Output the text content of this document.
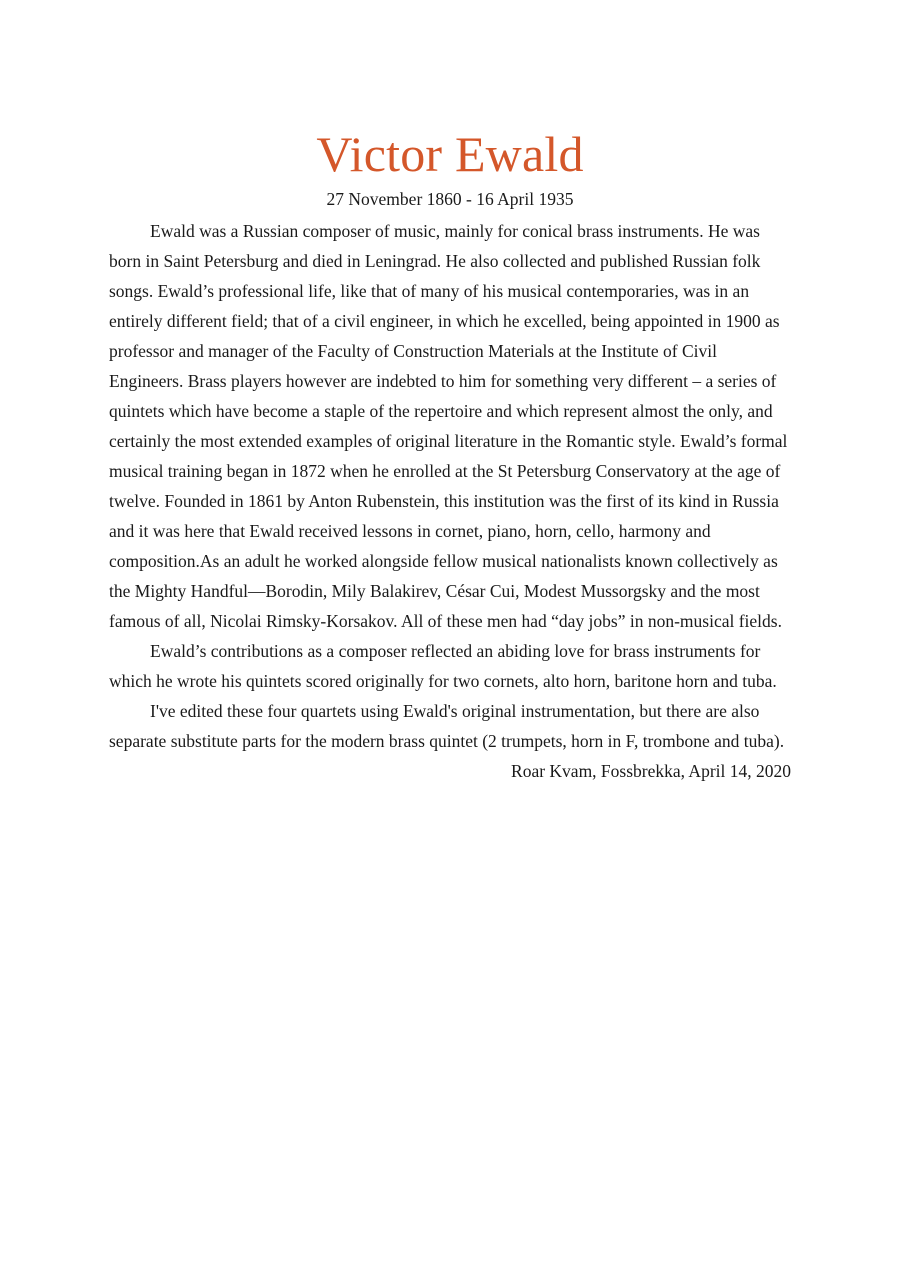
Victor Ewald
27 November 1860 - 16 April 1935

Ewald was a Russian composer of music, mainly for conical brass instruments. He was born in Saint Petersburg and died in Leningrad. He also collected and published Russian folk songs. Ewald’s professional life, like that of many of his musical contemporaries, was in an entirely different field; that of a civil engineer, in which he excelled, being appointed in 1900 as professor and manager of the Faculty of Construction Materials at the Institute of Civil Engineers. Brass players however are indebted to him for something very different – a series of quintets which have become a staple of the repertoire and which represent almost the only, and certainly the most extended examples of original literature in the Romantic style. Ewald’s formal musical training began in 1872 when he enrolled at the St Petersburg Conservatory at the age of twelve. Founded in 1861 by Anton Rubenstein, this institution was the first of its kind in Russia and it was here that Ewald received lessons in cornet, piano, horn, cello, harmony and composition.As an adult he worked alongside fellow musical nationalists known collectively as the Mighty Handful—Borodin, Mily Balakirev, César Cui, Modest Mussorgsky and the most famous of all, Nicolai Rimsky-Korsakov. All of these men had “day jobs” in non-musical fields.

Ewald’s contributions as a composer reflected an abiding love for brass instruments for which he wrote his quintets scored originally for two cornets, alto horn, baritone horn and tuba.

I've edited these four quartets using Ewald's original instrumentation, but there are also separate substitute parts for the modern brass quintet (2 trumpets, horn in F, trombone and tuba).

Roar Kvam, Fossbrekka, April 14, 2020
